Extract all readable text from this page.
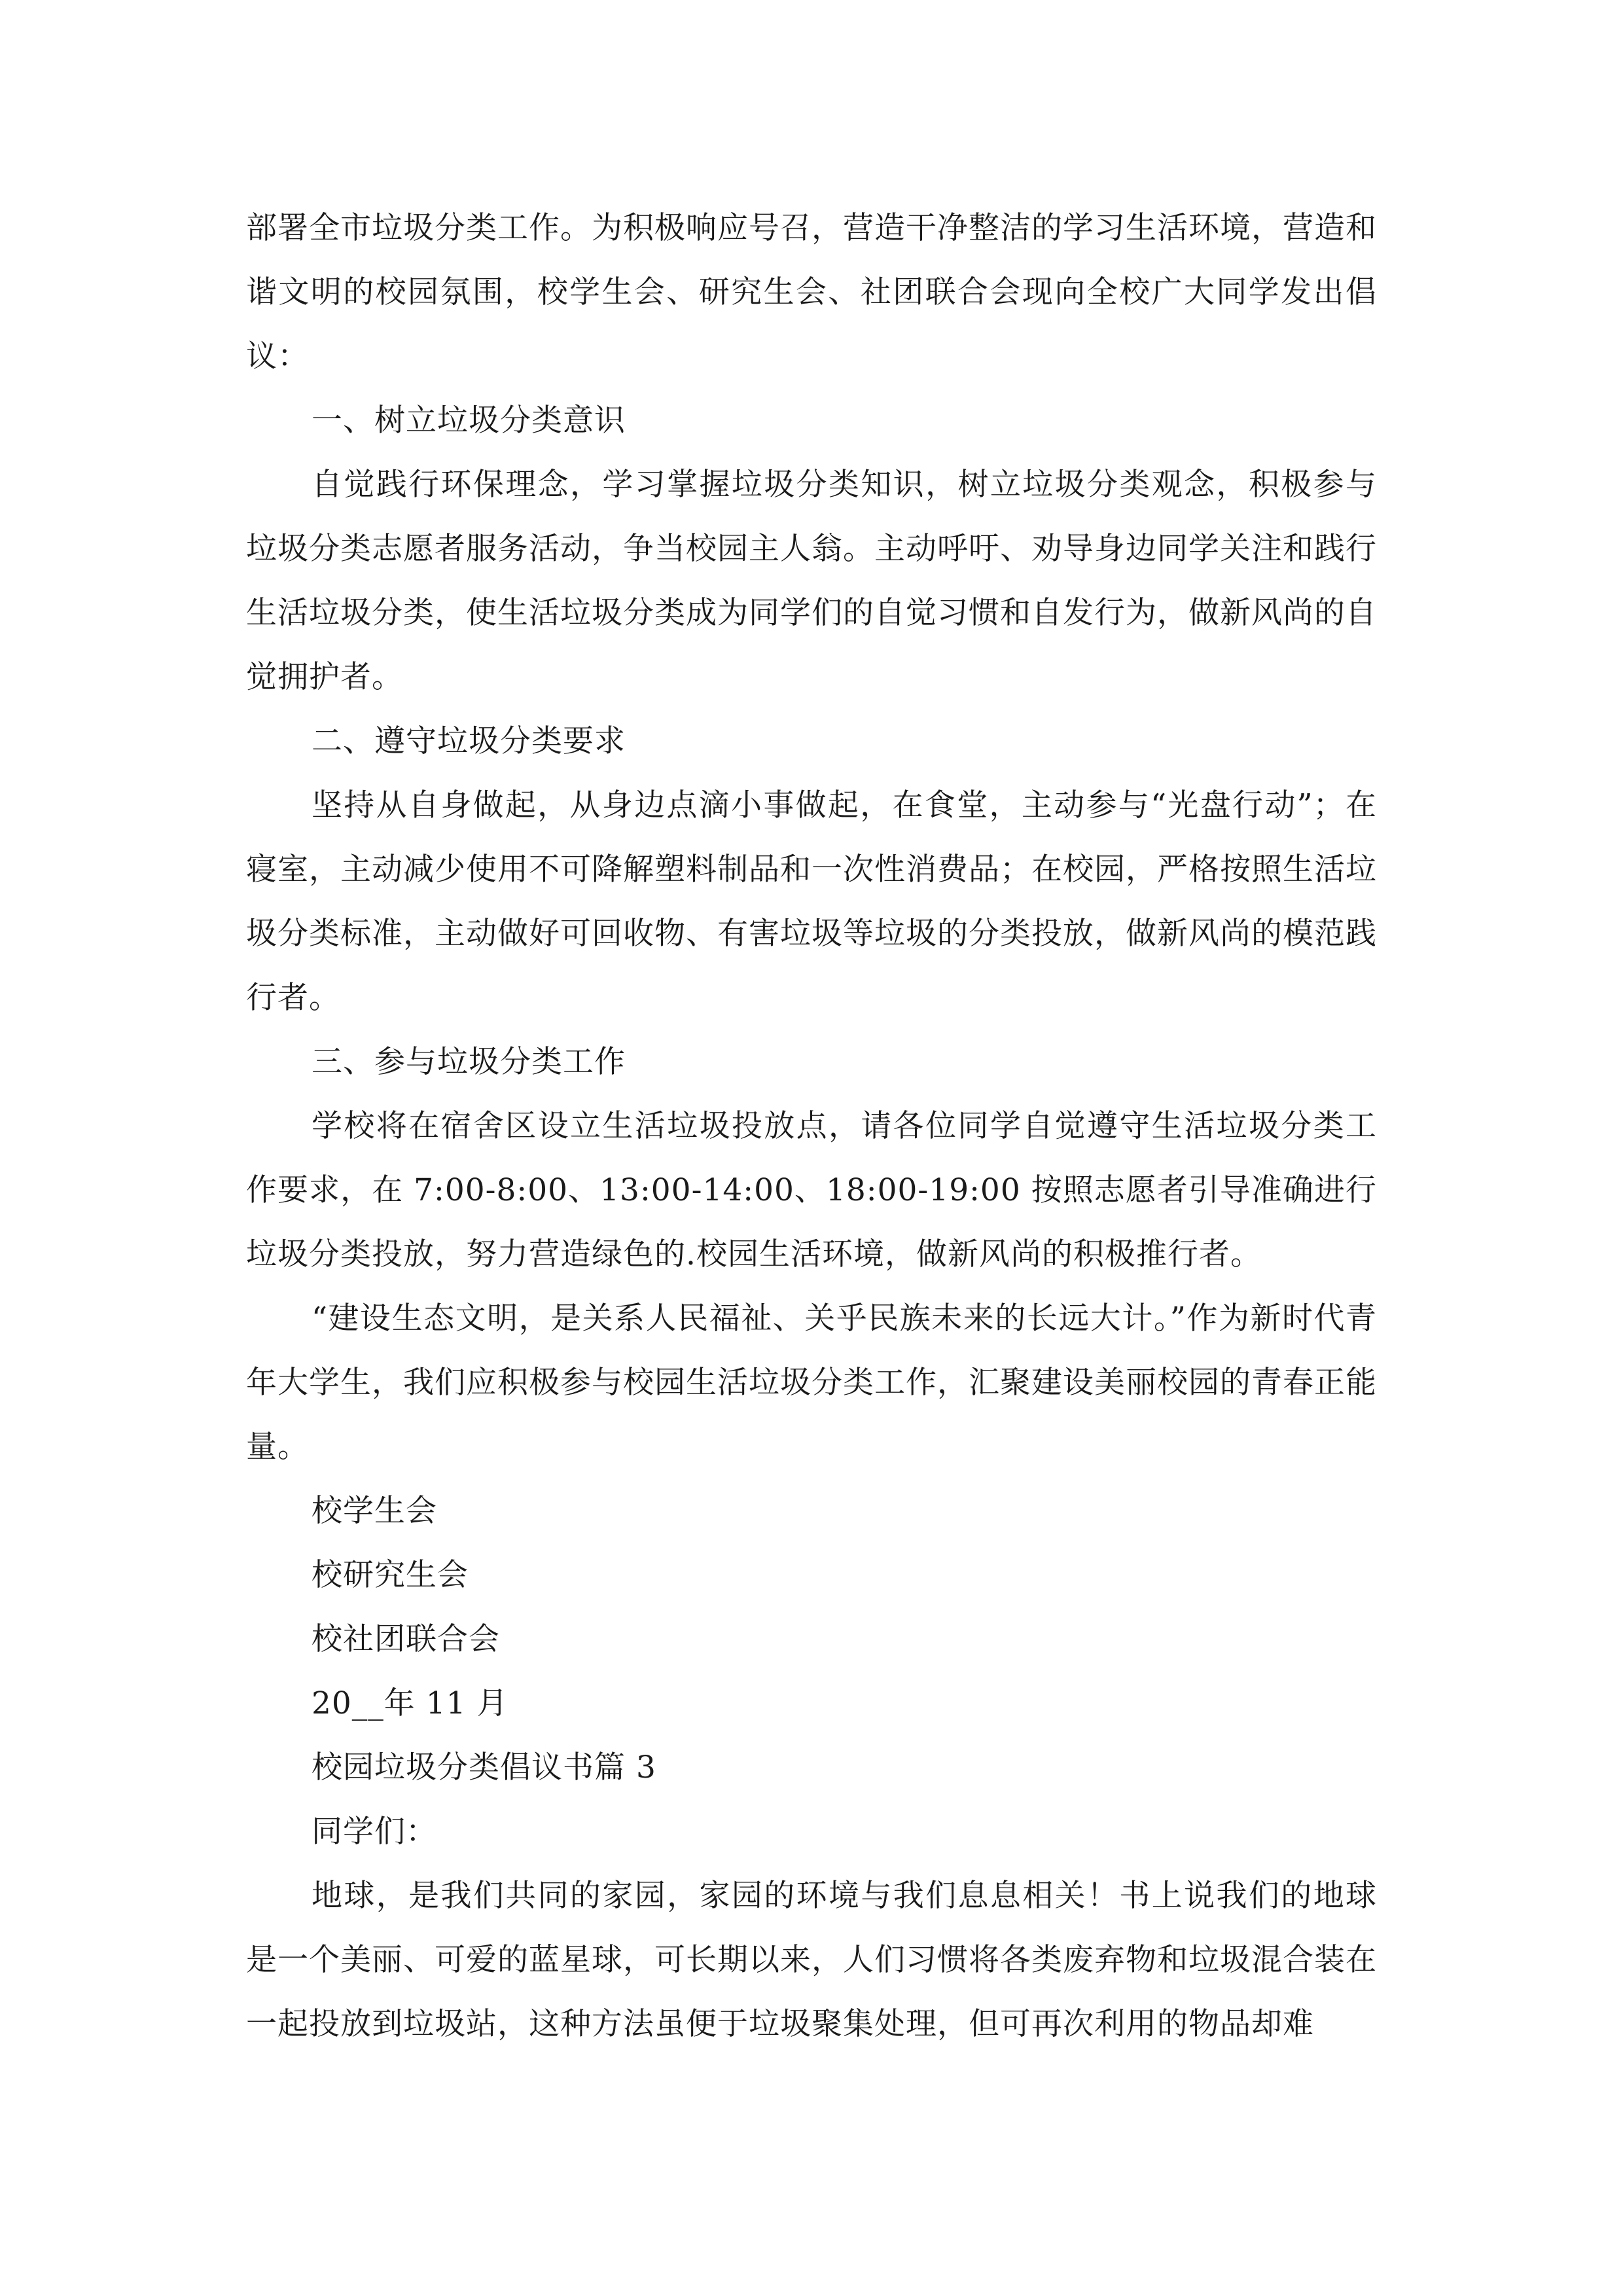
部署全市垃圾分类工作。为积极响应号召，营造干净整洁的学习生活环境，营造和谐文明的校园氛围，校学生会、研究生会、社团联合会现向全校广大同学发出倡议：

一、树立垃圾分类意识

自觉践行环保理念，学习掌握垃圾分类知识，树立垃圾分类观念，积极参与垃圾分类志愿者服务活动，争当校园主人翁。主动呼吁、劝导身边同学关注和践行生活垃圾分类，使生活垃圾分类成为同学们的自觉习惯和自发行为，做新风尚的自觉拥护者。

二、遵守垃圾分类要求

坚持从自身做起，从身边点滴小事做起，在食堂，主动参与“光盘行动”；在寝室，主动减少使用不可降解塑料制品和一次性消费品；在校园，严格按照生活垃圾分类标准，主动做好可回收物、有害垃圾等垃圾的分类投放，做新风尚的模范践行者。

三、参与垃圾分类工作

学校将在宿舍区设立生活垃圾投放点，请各位同学自觉遵守生活垃圾分类工作要求，在 7:00-8:00、13:00-14:00、18:00-19:00 按照志愿者引导准确进行垃圾分类投放，努力营造绿色的.校园生活环境，做新风尚的积极推行者。

“建设生态文明，是关系人民福祉、关乎民族未来的长远大计。”作为新时代青年大学生，我们应积极参与校园生活垃圾分类工作，汇聚建设美丽校园的青春正能量。

校学生会

校研究生会

校社团联合会

20__年 11 月

校园垃圾分类倡议书篇 3

同学们：

地球，是我们共同的家园，家园的环境与我们息息相关！书上说我们的地球是一个美丽、可爱的蓝星球，可长期以来，人们习惯将各类废弃物和垃圾混合装在一起投放到垃圾站，这种方法虽便于垃圾聚集处理，但可再次利用的物品却难
